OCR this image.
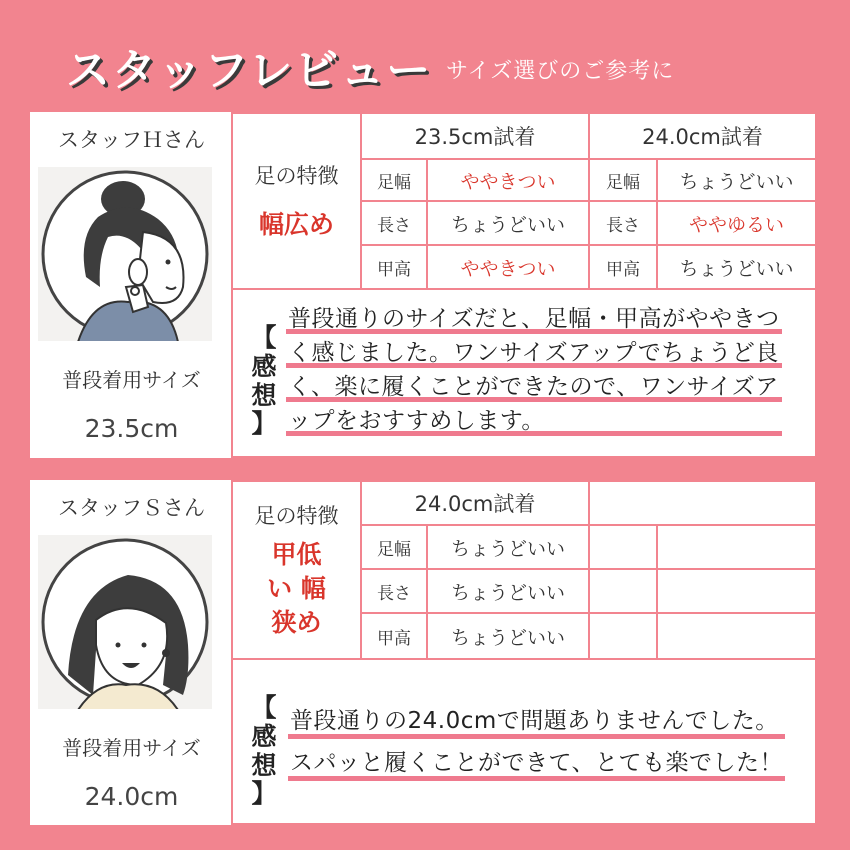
スタッフレビュー サイズ選びのご参考に
スタッフＨさん
普段着用サイズ
23.5cm
足の特徴
幅広め
23.5cm試着
足幅	ややきつい
長さ	ちょうどいい
甲高	ややきつい
24.0cm試着
足幅	ちょうどいい
長さ	ややゆるい
甲高	ちょうどいい
【
感
想
】
普段通りのサイズだと、足幅・甲高がややきつ
く感じました。ワンサイズアップでちょうど良
く、楽に履くことができたので、ワンサイズア
ップをおすすめします。
スタッフＳさん
普段着用サイズ
24.0cm
足の特徴
甲低い 幅狭め
24.0cm試着
足幅	ちょうどいい
長さ	ちょうどいい
甲高	ちょうどいい
【
感
想
】
普段通りの24.0cmで問題ありませんでした。
スパッと履くことができて、とても楽でした！
